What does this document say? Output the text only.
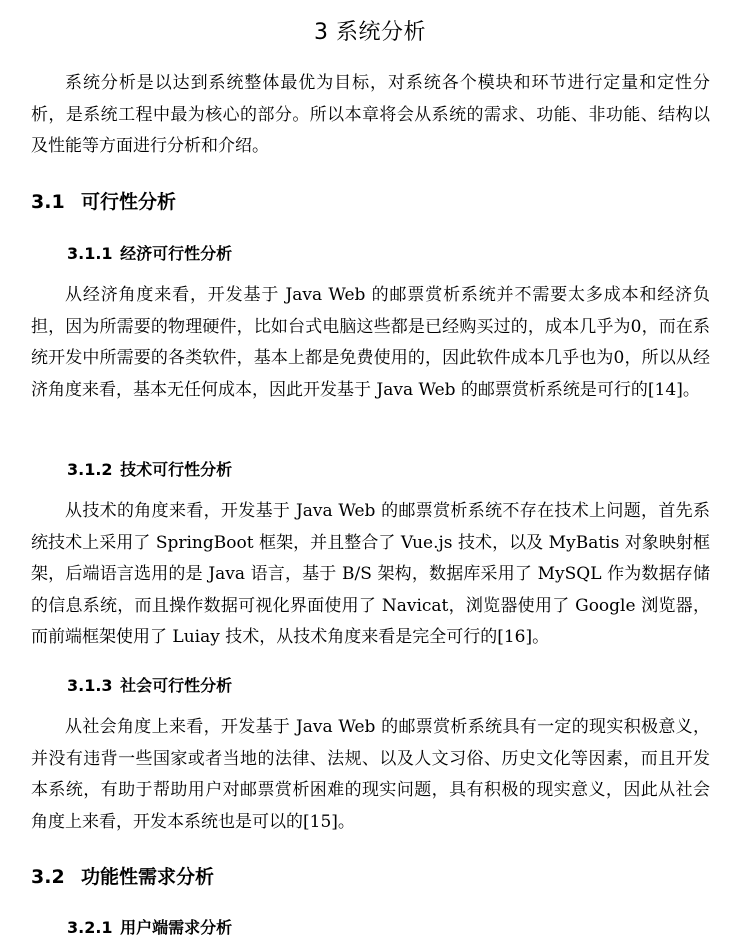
3 系统分析

系统分析是以达到系统整体最优为目标，对系统各个模块和环节进行定量和定性分析，是系统工程中最为核心的部分。所以本章将会从系统的需求、功能、非功能、结构以及性能等方面进行分析和介绍。

3.1 可行性分析
3.1.1 经济可行性分析

从经济角度来看，开发基于 Java Web 的邮票赏析系统并不需要太多成本和经济负担，因为所需要的物理硬件，比如台式电脑这些都是已经购买过的，成本几乎为0，而在系统开发中所需要的各类软件，基本上都是免费使用的，因此软件成本几乎也为0，所以从经济角度来看，基本无任何成本，因此开发基于 Java Web 的邮票赏析系统是可行的[14]。

3.1.2 技术可行性分析

从技术的角度来看，开发基于 Java Web 的邮票赏析系统不存在技术上问题，首先系统技术上采用了 SpringBoot 框架，并且整合了 Vue.js 技术，以及 MyBatis 对象映射框架，后端语言选用的是 Java 语言，基于 B/S 架构，数据库采用了 MySQL 作为数据存储的信息系统，而且操作数据可视化界面使用了 Navicat，浏览器使用了 Google 浏览器，而前端框架使用了 Luiay 技术，从技术角度来看是完全可行的[16]。

3.1.3 社会可行性分析

从社会角度上来看，开发基于 Java Web 的邮票赏析系统具有一定的现实积极意义，并没有违背一些国家或者当地的法律、法规、以及人文习俗、历史文化等因素，而且开发本系统，有助于帮助用户对邮票赏析困难的现实问题，具有积极的现实意义，因此从社会角度上来看，开发本系统也是可以的[15]。

3.2 功能性需求分析
3.2.1 用户端需求分析
